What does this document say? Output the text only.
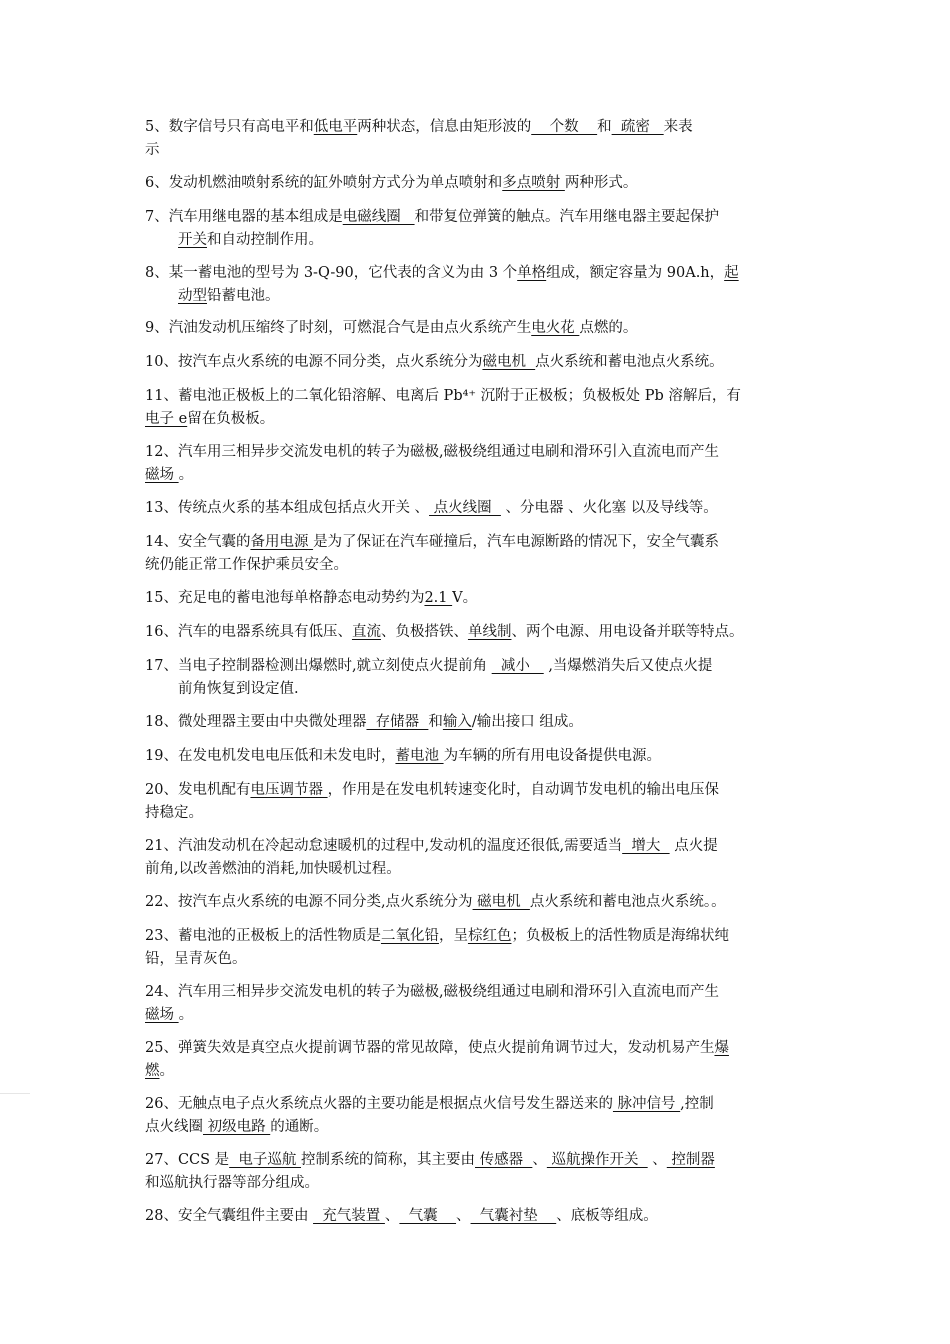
5、数字信号只有高电平和低电平两种状态，信息由矩形波的    个数    和  疏密   来表
示
6、发动机燃油喷射系统的缸外喷射方式分为单点喷射和多点喷射 两种形式。
7、汽车用继电器的基本组成是电磁线圈   和带复位弹簧的触点。汽车用继电器主要起保护
开关和自动控制作用。
8、某一蓄电池的型号为 3-Q-90，它代表的含义为由 3 个单格组成，额定容量为 90A.h，起
动型铅蓄电池。
9、汽油发动机压缩终了时刻，可燃混合气是由点火系统产生电火花 点燃的。
10、按汽车点火系统的电源不同分类，点火系统分为磁电机  点火系统和蓄电池点火系统。
11、蓄电池正极板上的二氧化铅溶解、电离后 Pb⁴⁺ 沉附于正极板；负极板处 Pb 溶解后，有
电子 e留在负极板。
12、汽车用三相异步交流发电机的转子为磁极,磁极绕组通过电刷和滑环引入直流电而产生
磁场 。
13、传统点火系的基本组成包括点火开关 、 点火线圈   、分电器 、火化塞 以及导线等。
14、安全气囊的备用电源 是为了保证在汽车碰撞后，汽车电源断路的情况下，安全气囊系
统仍能正常工作保护乘员安全。
15、充足电的蓄电池每单格静态电动势约为2.1 V。
16、汽车的电器系统具有低压、直流、负极搭铁、单线制、两个电源、用电设备并联等特点。
17、当电子控制器检测出爆燃时,就立刻使点火提前角   减小    ,当爆燃消失后又使点火提
前角恢复到设定值.
18、微处理器主要由中央微处理器  存储器  和输入/输出接口 组成。
19、在发电机发电电压低和未发电时，蓄电池 为车辆的所有用电设备提供电源。
20、发电机配有电压调节器 ，作用是在发电机转速变化时，自动调节发电机的输出电压保
持稳定。
21、汽油发动机在冷起动怠速暖机的过程中,发动机的温度还很低,需要适当  增大   点火提
前角,以改善燃油的消耗,加快暖机过程。
22、按汽车点火系统的电源不同分类,点火系统分为 磁电机  点火系统和蓄电池点火系统。。
23、蓄电池的正极板上的活性物质是二氧化铅，呈棕红色；负极板上的活性物质是海绵状纯
铅，呈青灰色。
24、汽车用三相异步交流发电机的转子为磁极,磁极绕组通过电刷和滑环引入直流电而产生
磁场 。
25、弹簧失效是真空点火提前调节器的常见故障，使点火提前角调节过大，发动机易产生爆
燃。
26、无触点电子点火系统点火器的主要功能是根据点火信号发生器送来的 脉冲信号 ,控制
点火线圈 初级电路 的通断。
27、CCS 是  电子巡航 控制系统的简称，其主要由 传感器  、 巡航操作开关   、 控制器
和巡航执行器等部分组成。
28、安全气囊组件主要由   充气装置 、  气囊    、  气囊衬垫    、底板等组成。
